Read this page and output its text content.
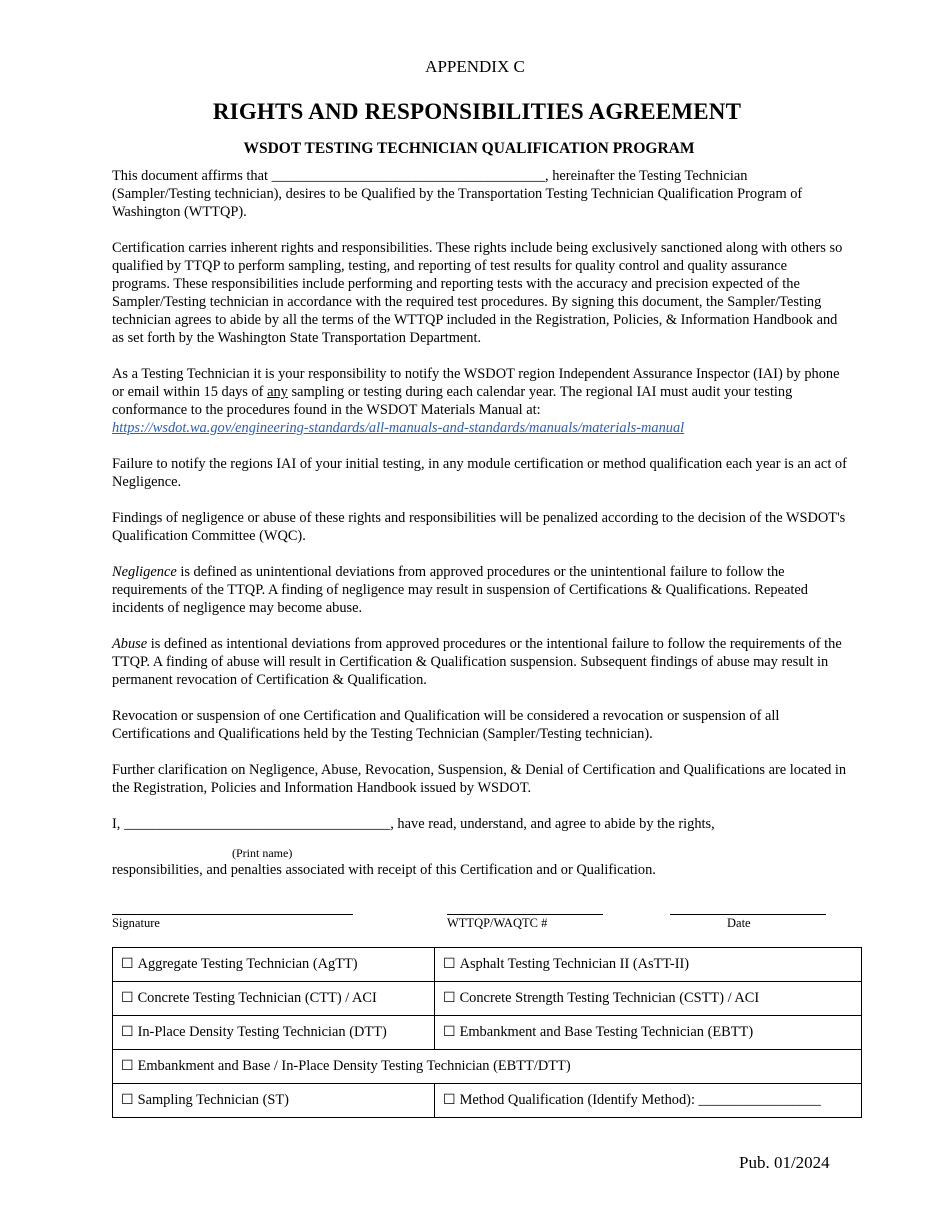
APPENDIX C
RIGHTS AND RESPONSIBILITIES AGREEMENT
WSDOT TESTING TECHNICIAN QUALIFICATION PROGRAM

This document affirms that ______________________________________, hereinafter the Testing Technician (Sampler/Testing technician), desires to be Qualified by the Transportation Testing Technician Qualification Program of Washington (WTTQP).

Certification carries inherent rights and responsibilities. These rights include being exclusively sanctioned along with others so qualified by TTQP to perform sampling, testing, and reporting of test results for quality control and quality assurance programs. These responsibilities include performing and reporting tests with the accuracy and precision expected of the Sampler/Testing technician in accordance with the required test procedures. By signing this document, the Sampler/Testing technician agrees to abide by all the terms of the WTTQP included in the Registration, Policies, & Information Handbook and as set forth by the Washington State Transportation Department.

As a Testing Technician it is your responsibility to notify the WSDOT region Independent Assurance Inspector (IAI) by phone or email within 15 days of any sampling or testing during each calendar year. The regional IAI must audit your testing conformance to the procedures found in the WSDOT Materials Manual at:
https://wsdot.wa.gov/engineering-standards/all-manuals-and-standards/manuals/materials-manual

Failure to notify the regions IAI of your initial testing, in any module certification or method qualification each year is an act of Negligence.

Findings of negligence or abuse of these rights and responsibilities will be penalized according to the decision of the WSDOT's Qualification Committee (WQC).

Negligence is defined as unintentional deviations from approved procedures or the unintentional failure to follow the requirements of the TTQP. A finding of negligence may result in suspension of Certifications & Qualifications. Repeated incidents of negligence may become abuse.

Abuse is defined as intentional deviations from approved procedures or the intentional failure to follow the requirements of the TTQP. A finding of abuse will result in Certification & Qualification suspension. Subsequent findings of abuse may result in permanent revocation of Certification & Qualification.

Revocation or suspension of one Certification and Qualification will be considered a revocation or suspension of all Certifications and Qualifications held by the Testing Technician (Sampler/Testing technician).

Further clarification on Negligence, Abuse, Revocation, Suspension, & Denial of Certification and Qualifications are located in the Registration, Policies and Information Handbook issued by WSDOT.

I, _____________________________________, have read, understand, and agree to abide by the rights,
(Print name)
responsibilities, and penalties associated with receipt of this Certification and or Qualification.
Signature	WTTQP/WAQTC #	Date
☐ Aggregate Testing Technician (AgTT)	☐ Asphalt Testing Technician II (AsTT-II)
☐ Concrete Testing Technician (CTT) / ACI	☐ Concrete Strength Testing Technician (CSTT) / ACI
☐ In-Place Density Testing Technician (DTT)	☐ Embankment and Base Testing Technician (EBTT)
☐ Embankment and Base / In-Place Density Testing Technician (EBTT/DTT)	
☐ Sampling Technician (ST)	☐ Method Qualification (Identify Method): _________________
Pub. 01/2024
